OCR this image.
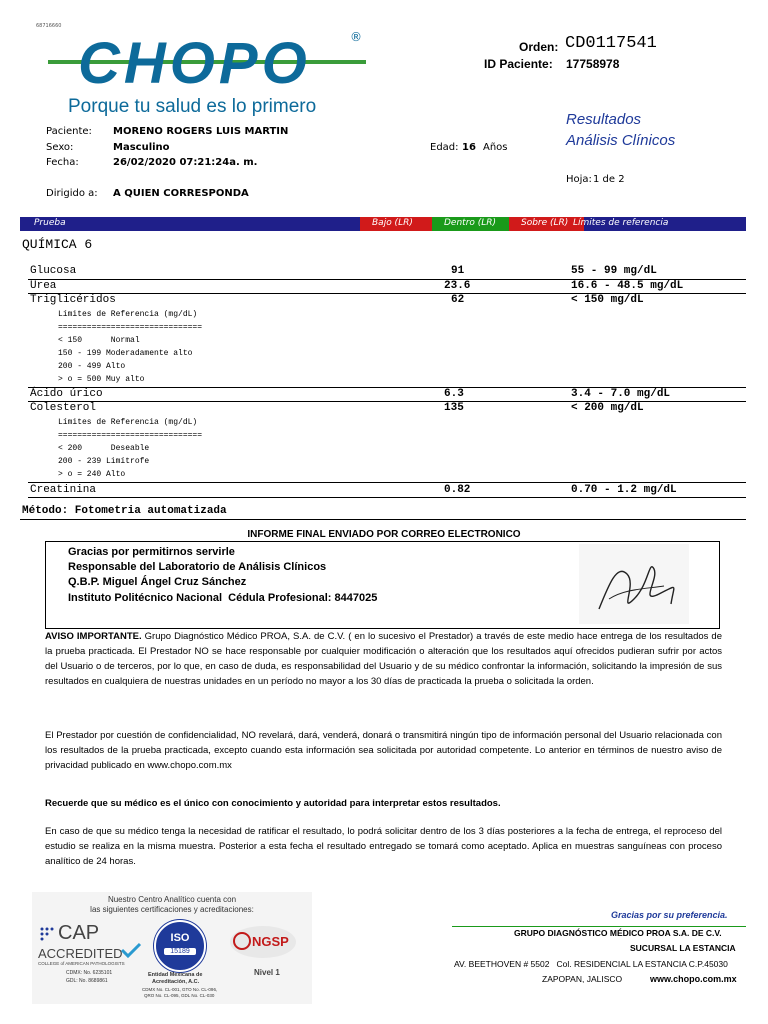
68716660
CHOPO	®
Porque tu salud es lo primero
Orden: CD0117541
ID Paciente: 17758978
Resultados
Análisis Clínicos
Paciente: MORENO ROGERS LUIS MARTIN
Sexo:	Masculino
Fecha:	26/02/2020 07:21:24a. m.
Dirigido a: A QUIEN CORRESPONDA
Edad: 16 Años
Hoja: 1 de 2
Prueba	Bajo (LR)	Dentro (LR)	Sobre (LR) Límites de referencia
QUÍMICA 6
Glucosa	91	55 - 99 mg/dL
Urea	23.6	16.6 - 48.5 mg/dL
Triglicéridos	62	< 150 mg/dL
Límites de Referencia (mg/dL)
==============================
< 150      Normal
150 - 199 Moderadamente alto
200 - 499 Alto
> o = 500 Muy alto
Ácido úrico	6.3	3.4 - 7.0 mg/dL
Colesterol	135	< 200 mg/dL
Límites de Referencia (mg/dL)
==============================
< 200      Deseable
200 - 239 Limítrofe
> o = 240 Alto
Creatinina	0.82	0.70 - 1.2 mg/dL
Método: Fotometria automatizada
INFORME FINAL ENVIADO POR CORREO ELECTRONICO
Gracias por permitirnos servirle
Responsable del Laboratorio de Análisis Clínicos
Q.B.P. Miguel Ángel Cruz Sánchez
Instituto Politécnico Nacional  Cédula Profesional: 8447025
AVISO IMPORTANTE. Grupo Diagnóstico Médico PROA, S.A. de C.V. ( en lo sucesivo el Prestador) a través de este medio hace entrega de los resultados de la prueba practicada. El Prestador NO se hace responsable por cualquier modificación o alteración que los resultados aquí ofrecidos pudieran sufrir por actos del Usuario o de terceros, por lo que, en caso de duda, es responsabilidad del Usuario y de su médico confrontar la información, solicitando la impresión de sus resultados en cualquiera de nuestras unidades en un período no mayor a los 30 días de practicada la prueba o solicitada la orden.
El Prestador por cuestión de confidencialidad, NO revelará, dará, venderá, donará o transmitirá ningún tipo de información personal del Usuario relacionada con los resultados de la prueba practicada, excepto cuando esta información sea solicitada por autoridad competente. Lo anterior en términos de nuestro aviso de privacidad publicado en www.chopo.com.mx
Recuerde que su médico es el único con conocimiento y autoridad para interpretar estos resultados.
En caso de que su médico tenga la necesidad de ratificar el resultado, lo podrá solicitar dentro de los 3 días posteriores a la fecha de entrega, el reproceso del estudio se realiza en la misma muestra. Posterior a esta fecha el resultado entregado se tomará como aceptado. Aplica en muestras sanguíneas con proceso analítico de 24 horas.
Nuestro Centro Analítico cuenta con
las siguientes certificaciones y acreditaciones:
CAP
ACCREDITED
COLLEGE of AMERICAN PATHOLOGISTS
CDMX: No. 6235101
GDL: No. 8689861
ISO
15189
Entidad Mexicana de
Acreditación, A.C.
CDMX No. CL-001, GTO No. CL-096,
QRO No. CL-095, GDL No. CL-030
NGSP
Nivel 1
Gracias por su preferencia.
GRUPO DIAGNÓSTICO MÉDICO PROA S.A. DE C.V.
SUCURSAL LA ESTANCIA
AV. BEETHOVEN # 5502   Col. RESIDENCIAL LA ESTANCIA C.P.45030
ZAPOPAN, JALISCO	www.chopo.com.mx
